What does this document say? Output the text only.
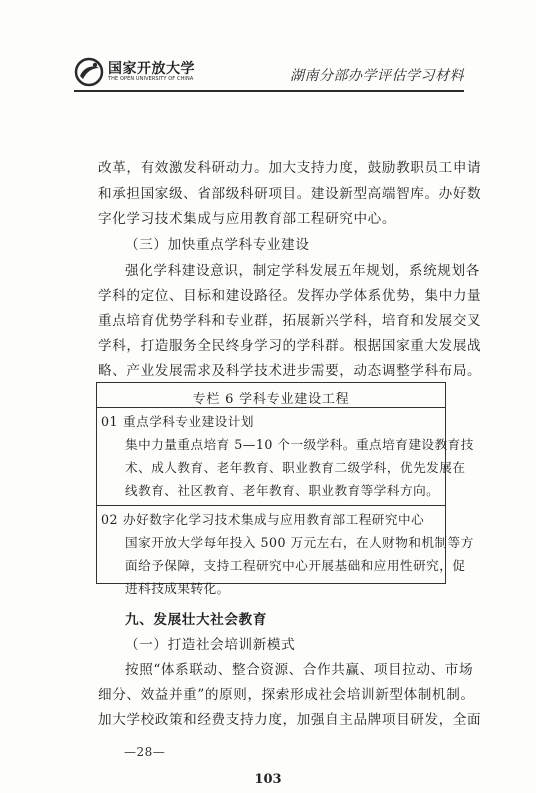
国家开放大学
THE OPEN UNIVERSITY OF CHINA	湖南分部办学评估学习材料
改革，有效激发科研动力。加大支持力度，鼓励教职员工申请
和承担国家级、省部级科研项目。建设新型高端智库。办好数
字化学习技术集成与应用教育部工程研究中心。
（三）加快重点学科专业建设
强化学科建设意识，制定学科发展五年规划，系统规划各
学科的定位、目标和建设路径。发挥办学体系优势，集中力量
重点培育优势学科和专业群，拓展新兴学科，培育和发展交叉
学科，打造服务全民终身学习的学科群。根据国家重大发展战
略、产业发展需求及科学技术进步需要，动态调整学科布局。
专栏 6 学科专业建设工程
01 重点学科专业建设计划
集中力量重点培育 5—10 个一级学科。重点培育建设教育技
术、成人教育、老年教育、职业教育二级学科，优先发展在
线教育、社区教育、老年教育、职业教育等学科方向。
02 办好数字化学习技术集成与应用教育部工程研究中心
国家开放大学每年投入 500 万元左右，在人财物和机制等方
面给予保障，支持工程研究中心开展基础和应用性研究，促
进科技成果转化。
九、发展壮大社会教育
（一）打造社会培训新模式
按照“体系联动、整合资源、合作共赢、项目拉动、市场
细分、效益并重”的原则，探索形成社会培训新型体制机制。
加大学校政策和经费支持力度，加强自主品牌项目研发，全面
—28—
103
